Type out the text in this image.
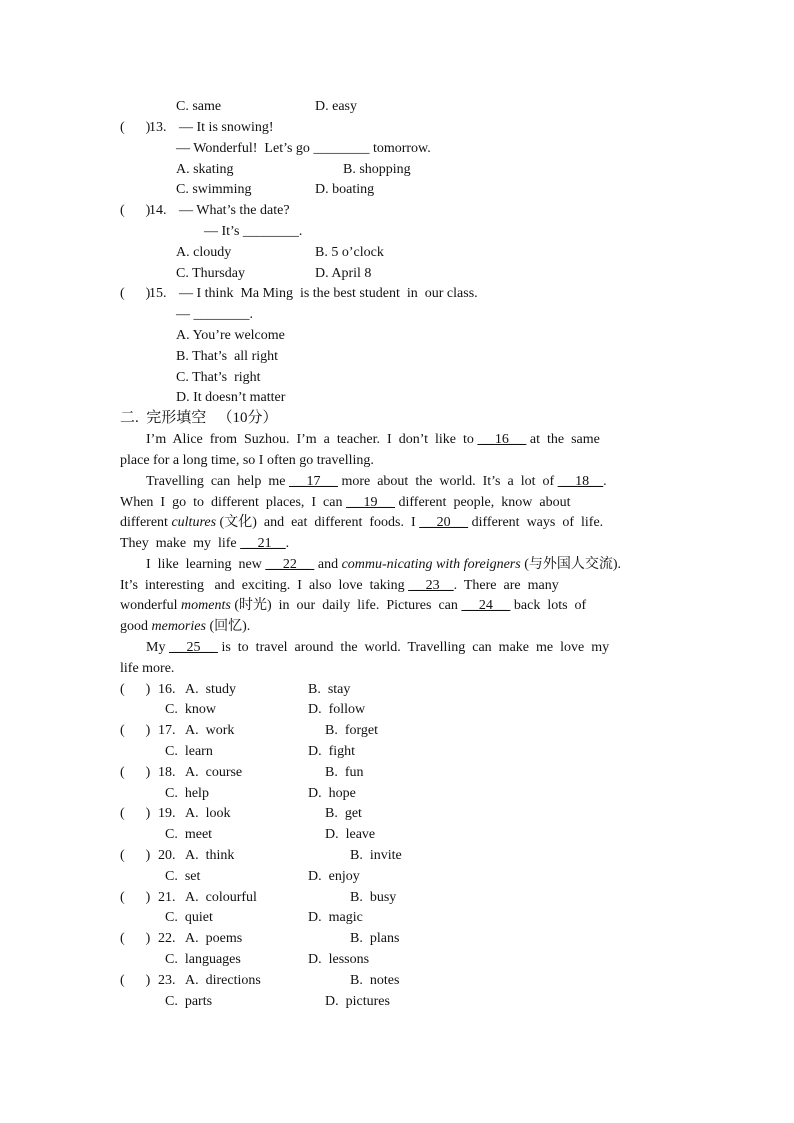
C. same	D. easy
(      )
13. — It is snowing!
— Wonderful!  Let’s go ________ tomorrow.
A. skating	B. shopping
C. swimming	D. boating
(      )
14. — What’s the date?
— It’s ________.
A. cloudy	B. 5 o’clock
C. Thursday	D. April 8
(      )
15. — I think  Ma Ming  is the best student  in  our class.
— ________.
A. You’re welcome
B. That’s  all right
C. That’s  right
D. It doesn’t matter
二.  完形填空   （10分）
I’m  Alice  from  Suzhou.  I’m  a  teacher.  I  don’t  like  to  __16__  at  the  same
place for a long time, so I often go travelling.
Travelling  can  help  me  __17__  more  about  the  world.  It’s  a  lot  of  __18__.
When  I  go  to  different  places,  I  can  __19__  different  people,  know  about
different cultures (文化)  and  eat  different  foods.  I  __20__  different  ways  of  life.
They  make  my  life  __21__.
I  like  learning  new  __22__  and commu-nicating with foreigners (与外国人交流).
It’s  interesting   and  exciting.  I  also  love  taking  __23__.  There  are  many
wonderful moments (时光)  in  our  daily  life.  Pictures  can  __24__  back  lots  of
good memories (回忆).
My  __25__  is  to  travel  around  the  world.  Travelling  can  make  me  love  my
life more.
(      ) 16. A.  study	B.  stay
C.  know	D.  follow
(      ) 17. A.  work	B.  forget
C.  learn	D.  fight
(      ) 18. A.  course	B.  fun
C.  help	D.  hope
(      ) 19. A.  look	B.  get
C.  meet	D.  leave
(      ) 20. A.  think	B.  invite
C.  set	D.  enjoy
(      ) 21. A.  colourful	B.  busy
C.  quiet	D.  magic
(      ) 22. A.  poems	B.  plans
C.  languages	D.  lessons
(      ) 23. A.  directions	B.  notes
C.  parts	D.  pictures
